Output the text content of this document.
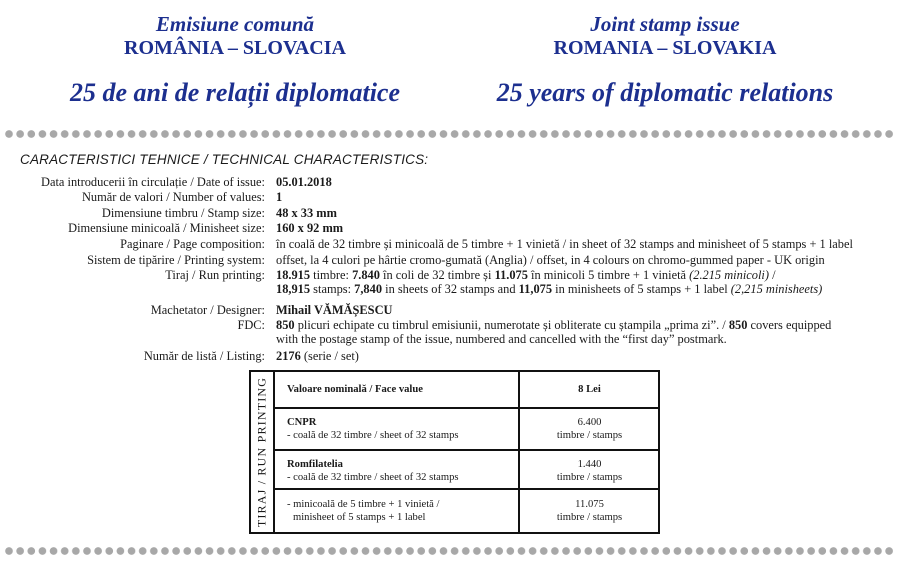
Emisiune comună
ROMÂNIA – SLOVACIA
25 de ani de relații diplomatice
Joint stamp issue
ROMANIA – SLOVAKIA
25 years of diplomatic relations
CARACTERISTICI TEHNICE / TECHNICAL CHARACTERISTICS:
Data introducerii în circulație / Date of issue: 05.01.2018
Număr de valori / Number of values: 1
Dimensiune timbru / Stamp size: 48 x 33 mm
Dimensiune minicoală / Minisheet size: 160 x 92 mm
Paginare / Page composition: în coală de 32 timbre și minicoală de 5 timbre + 1 vinietă / in sheet of 32 stamps and minisheet of 5 stamps + 1 label
Sistem de tipărire / Printing system: offset, la 4 culori pe hârtie cromo-gumată (Anglia) / offset, in 4 colours on chromo-gummed paper - UK origin
Tiraj / Run printing: 18.915 timbre: 7.840 în coli de 32 timbre și 11.075 în minicoli 5 timbre + 1 vinietă (2.215 minicoli) /
18,915 stamps: 7,840 in sheets of 32 stamps and 11,075 in minisheets of 5 stamps + 1 label (2,215 minisheets)
Machetator / Designer: Mihail VĂMĂȘESCU
FDC: 850 plicuri echipate cu timbrul emisiunii, numerotate și obliterate cu ștampila „prima zi”. / 850 covers equipped
with the postage stamp of the issue, numbered and cancelled with the “first day” postmark.
Număr de listă / Listing: 2176 (serie / set)
TIRAJ / RUN PRINTING Valoare nominală / Face value	8 Lei
CNPR
- coală de 32 timbre / sheet of 32 stamps
6.400
timbre / stamps
Romfilatelia
- coală de 32 timbre / sheet of 32 stamps
1.440
timbre / stamps
- minicoală de 5 timbre + 1 vinietă /
minisheet of 5 stamps + 1 label
11.075
timbre / stamps
